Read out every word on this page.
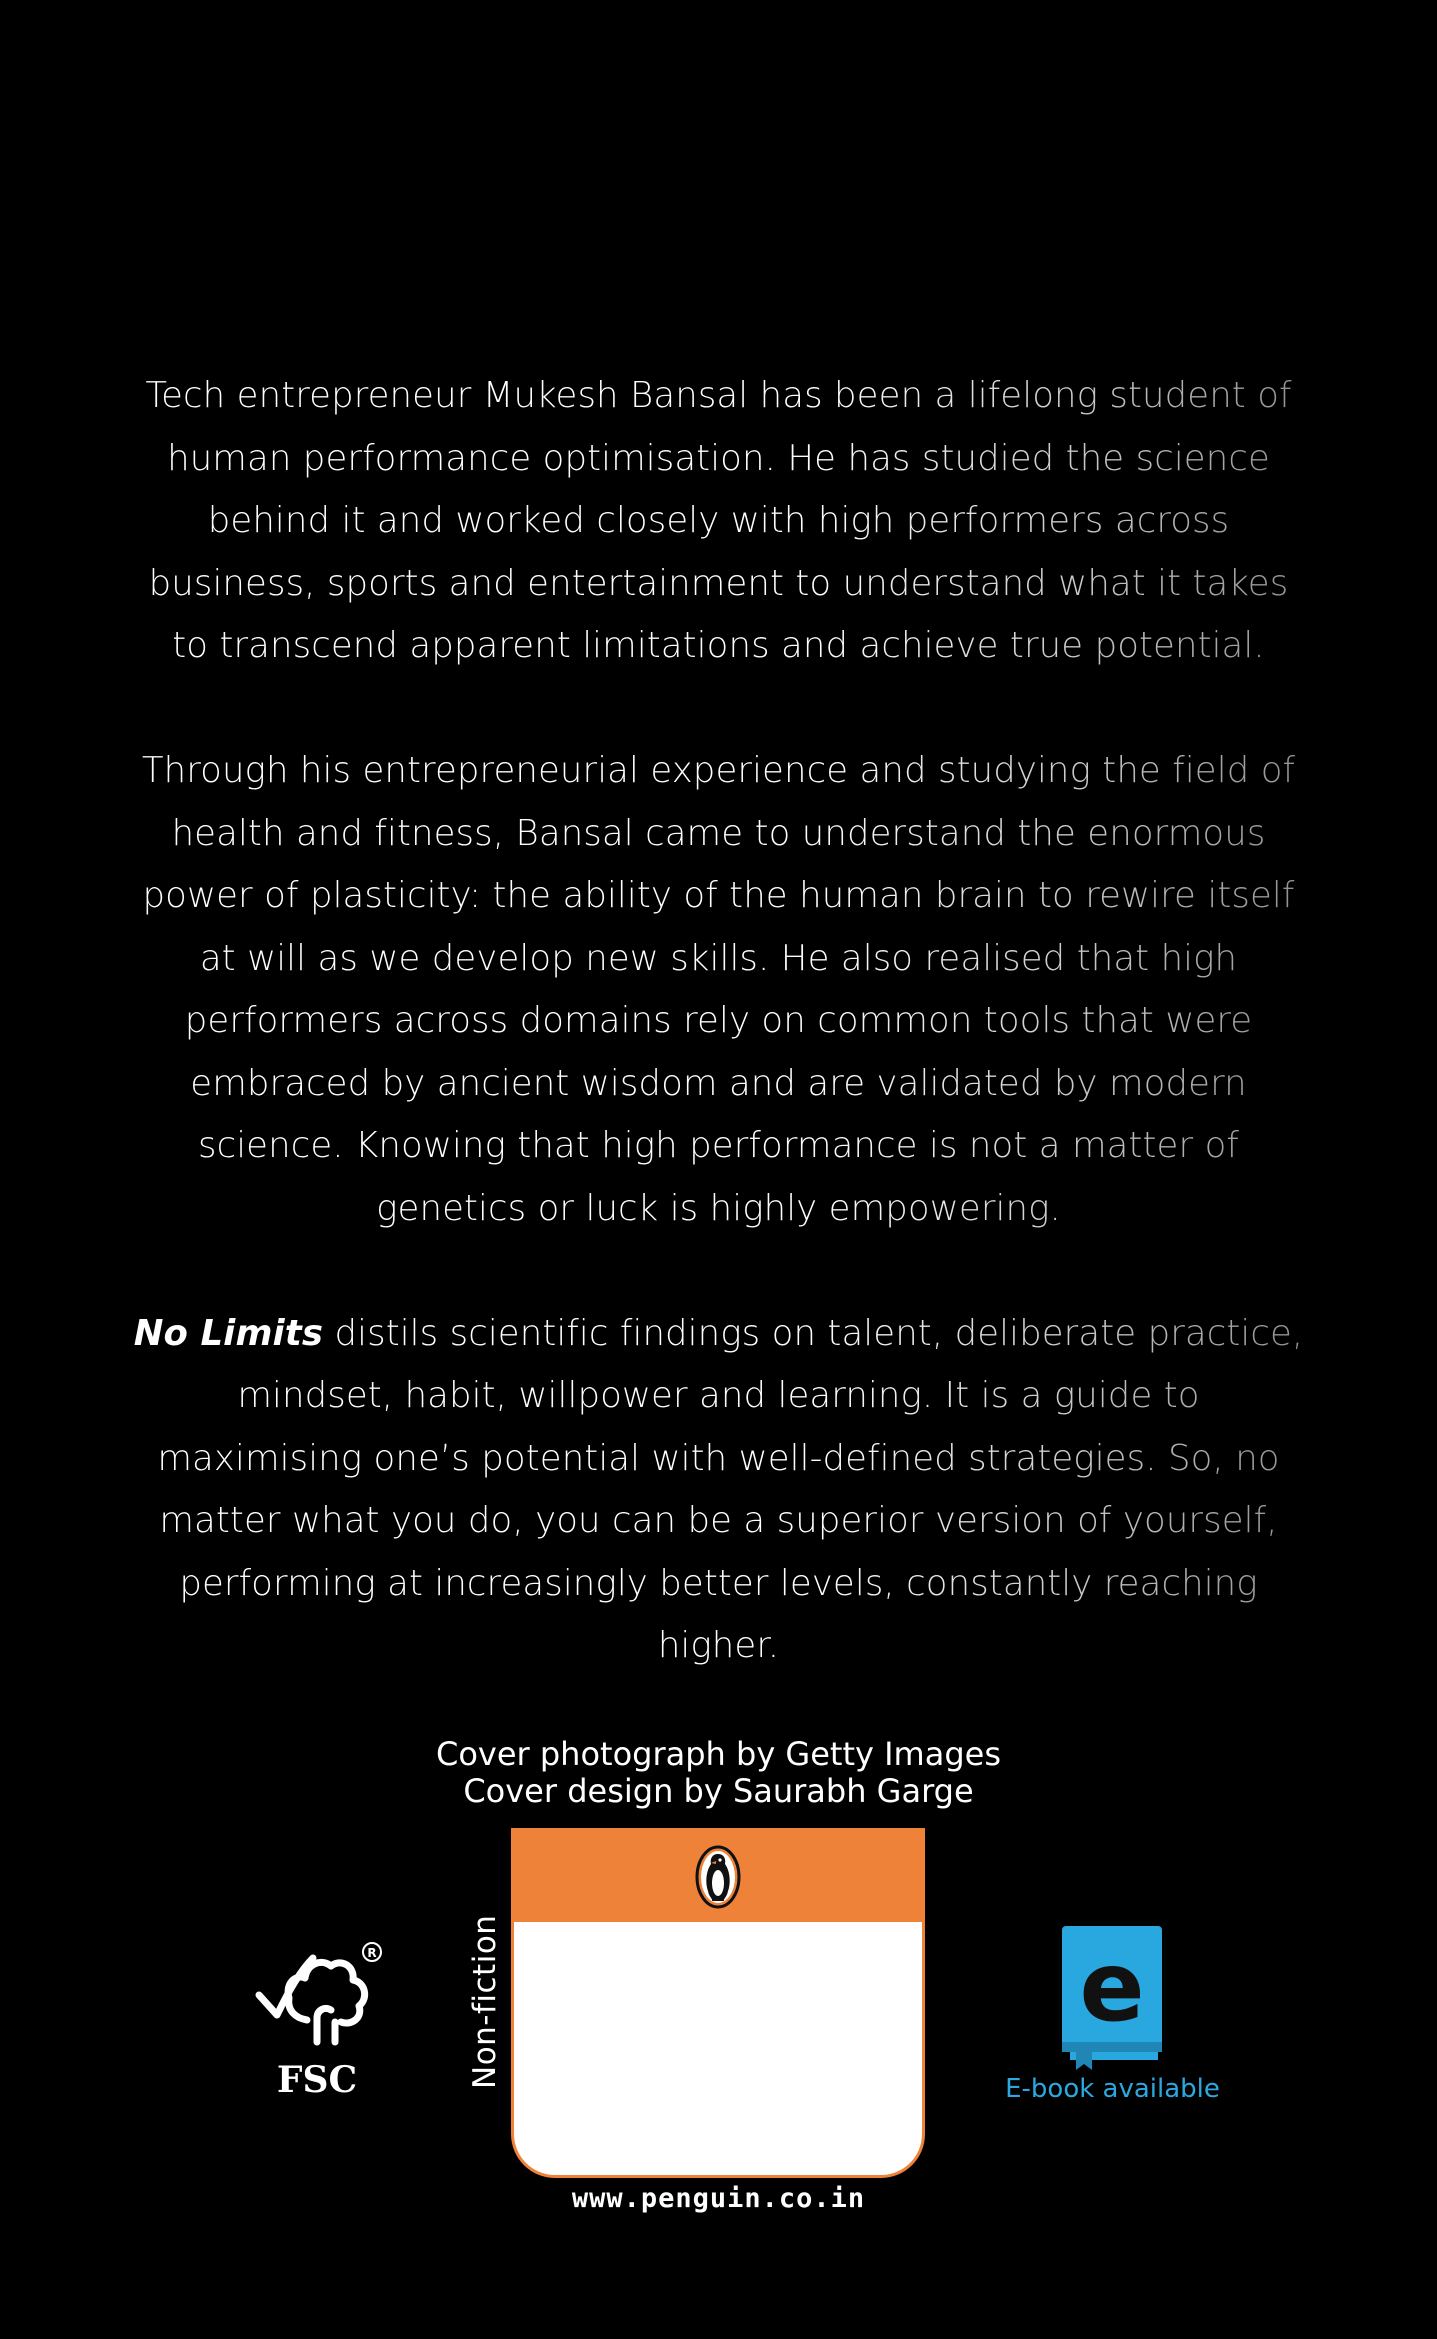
Tech entrepreneur Mukesh Bansal has been a lifelong student of human performance optimisation. He has studied the science behind it and worked closely with high performers across business, sports and entertainment to understand what it takes to transcend apparent limitations and achieve true potential.

Through his entrepreneurial experience and studying the field of health and fitness, Bansal came to understand the enormous power of plasticity: the ability of the human brain to rewire itself at will as we develop new skills. He also realised that high performers across domains rely on common tools that were embraced by ancient wisdom and are validated by modern science. Knowing that high performance is not a matter of genetics or luck is highly empowering.

No Limits distils scientific findings on talent, deliberate practice, mindset, habit, willpower and learning. It is a guide to maximising one’s potential with well-defined strategies. So, no matter what you do, you can be a superior version of yourself, performing at increasingly better levels, constantly reaching higher.

Cover photograph by Getty Images
Cover design by Saurabh Garge
R
FSC	Non-fiction
www.penguin.co.in
e
E-book available
